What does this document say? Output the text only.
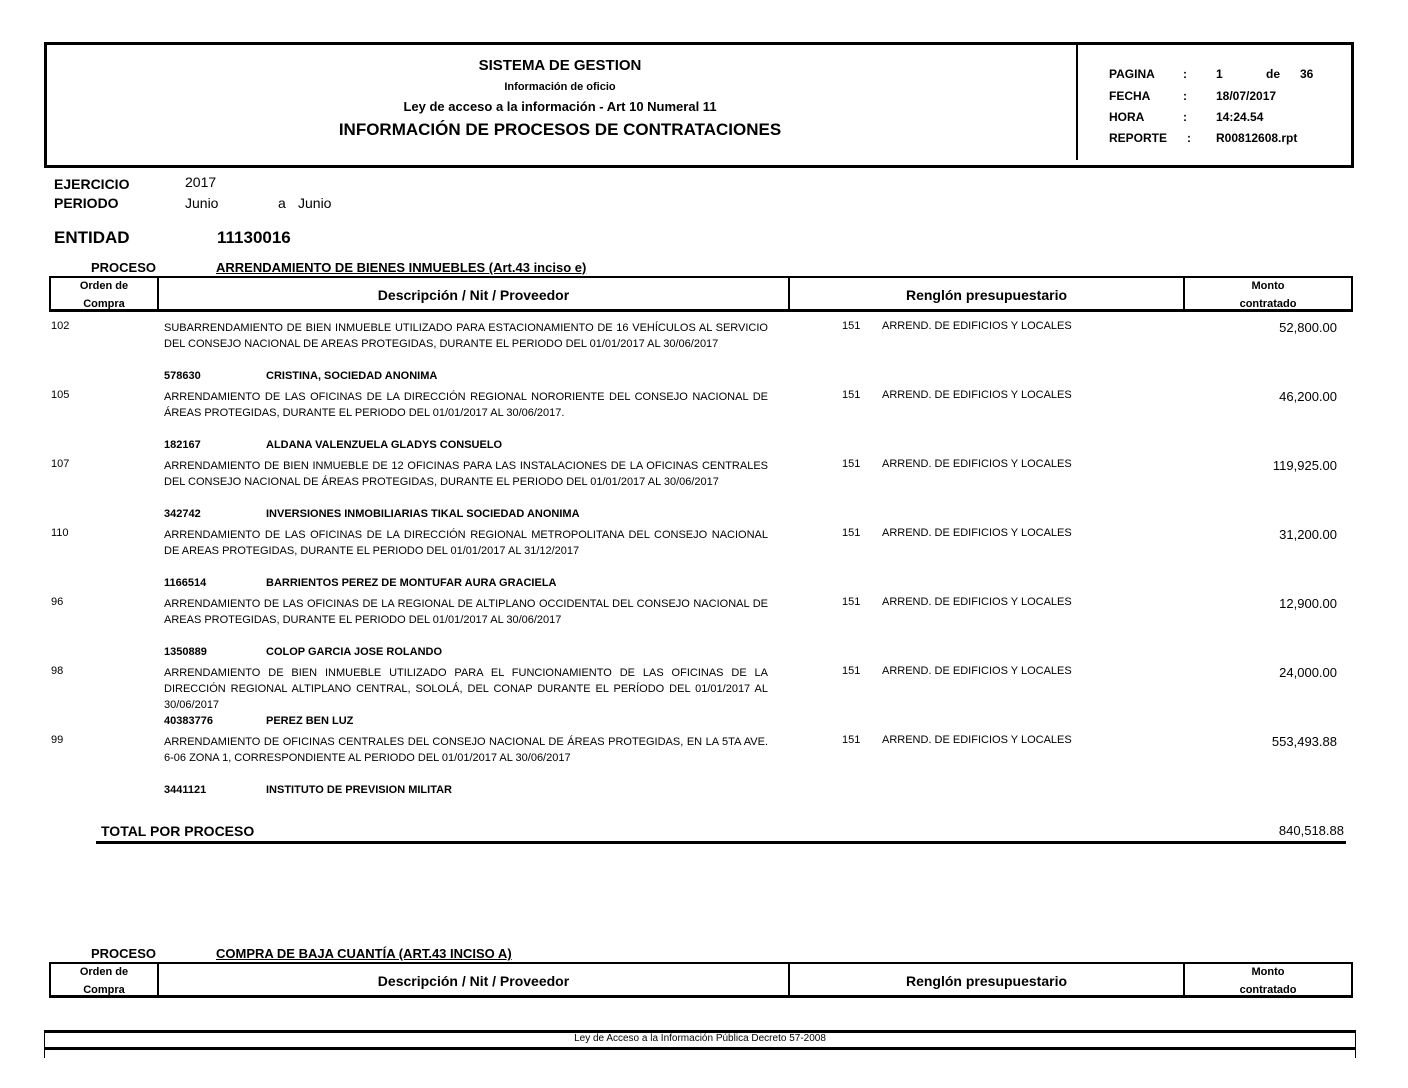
SISTEMA DE GESTION
Información de oficio
Ley de acceso a la información - Art 10 Numeral 11
INFORMACIÓN DE PROCESOS DE CONTRATACIONES
PAGINA : 1	de 36
FECHA	: 18/07/2017
HORA	: 14:24.54
REPORTE : R00812608.rpt
EJERCICIO	2017
PERIODO	Junio	a Junio
ENTIDAD	11130016
PROCESO	ARRENDAMIENTO DE BIENES INMUEBLES (Art.43 inciso e)
Orden de
Compra
Descripción / Nit / Proveedor	Renglón presupuestario
Monto
contratado
102	SUBARRENDAMIENTO DE BIEN INMUEBLE UTILIZADO PARA ESTACIONAMIENTO DE 16 VEHÍCULOS AL SERVICIO DEL CONSEJO NACIONAL DE AREAS PROTEGIDAS, DURANTE EL PERIODO DEL 01/01/2017 AL 30/06/2017
578630	CRISTINA, SOCIEDAD ANONIMA
151 ARREND. DE EDIFICIOS Y LOCALES	52,800.00
105	ARRENDAMIENTO DE LAS OFICINAS DE LA DIRECCIÓN REGIONAL NORORIENTE DEL CONSEJO NACIONAL DE ÁREAS PROTEGIDAS, DURANTE EL PERIODO DEL 01/01/2017 AL 30/06/2017.
182167	ALDANA VALENZUELA GLADYS CONSUELO
151 ARREND. DE EDIFICIOS Y LOCALES	46,200.00
107	ARRENDAMIENTO DE BIEN INMUEBLE DE 12 OFICINAS PARA LAS INSTALACIONES DE LA OFICINAS CENTRALES DEL CONSEJO NACIONAL DE ÁREAS PROTEGIDAS, DURANTE EL PERIODO DEL 01/01/2017 AL 30/06/2017
342742	INVERSIONES INMOBILIARIAS TIKAL SOCIEDAD ANONIMA
151 ARREND. DE EDIFICIOS Y LOCALES	119,925.00
110	ARRENDAMIENTO DE LAS OFICINAS DE LA DIRECCIÓN REGIONAL METROPOLITANA DEL CONSEJO NACIONAL DE AREAS PROTEGIDAS, DURANTE EL PERIODO DEL 01/01/2017 AL 31/12/2017
1166514	BARRIENTOS PEREZ DE MONTUFAR AURA GRACIELA
151 ARREND. DE EDIFICIOS Y LOCALES	31,200.00
96	ARRENDAMIENTO DE LAS OFICINAS DE LA REGIONAL DE ALTIPLANO OCCIDENTAL DEL CONSEJO NACIONAL DE AREAS PROTEGIDAS, DURANTE EL PERIODO DEL 01/01/2017 AL 30/06/2017
1350889	COLOP GARCIA JOSE ROLANDO
151 ARREND. DE EDIFICIOS Y LOCALES	12,900.00
98	ARRENDAMIENTO DE BIEN INMUEBLE UTILIZADO PARA EL FUNCIONAMIENTO DE LAS OFICINAS DE LA DIRECCIÓN REGIONAL ALTIPLANO CENTRAL, SOLOLÁ, DEL CONAP DURANTE EL PERÍODO DEL 01/01/2017 AL 30/06/2017
40383776	PEREZ BEN LUZ
151 ARREND. DE EDIFICIOS Y LOCALES	24,000.00
99	ARRENDAMIENTO DE OFICINAS CENTRALES DEL CONSEJO NACIONAL DE ÁREAS PROTEGIDAS, EN LA 5TA AVE. 6-06 ZONA 1, CORRESPONDIENTE AL PERIODO DEL 01/01/2017 AL 30/06/2017
3441121	INSTITUTO DE PREVISION MILITAR
151 ARREND. DE EDIFICIOS Y LOCALES	553,493.88
TOTAL POR PROCESO	840,518.88
PROCESO	COMPRA DE BAJA CUANTÍA (ART.43 INCISO A)
Orden de
Compra
Descripción / Nit / Proveedor	Renglón presupuestario
Monto
contratado
Ley de Acceso a la Información Pública Decreto 57-2008
